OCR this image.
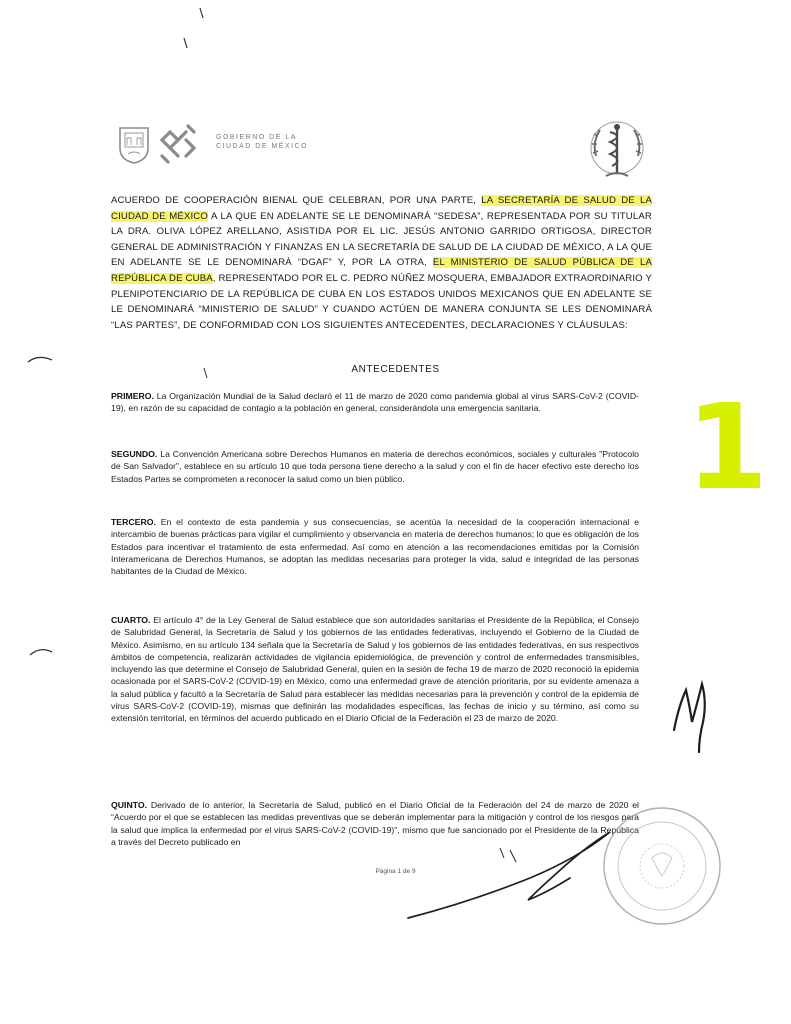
GOBIERNO DE LA
CIUDAD DE MÉXICO
ACUERDO DE COOPERACIÓN BIENAL QUE CELEBRAN, POR UNA PARTE, LA SECRETARÍA DE SALUD DE LA CIUDAD DE MÉXICO A LA QUE EN ADELANTE SE LE DENOMINARÁ “SEDESA”, REPRESENTADA POR SU TITULAR LA DRA. OLIVA LÓPEZ ARELLANO, ASISTIDA POR EL LIC. JESÚS ANTONIO GARRIDO ORTIGOSA, DIRECTOR GENERAL DE ADMINISTRACIÓN Y FINANZAS EN LA SECRETARÍA DE SALUD DE LA CIUDAD DE MÉXICO, A LA QUE EN ADELANTE SE LE DENOMINARÁ “DGAF” Y, POR LA OTRA, EL MINISTERIO DE SALUD PÚBLICA DE LA REPÚBLICA DE CUBA, REPRESENTADO POR EL C. PEDRO NÚÑEZ MOSQUERA, EMBAJADOR EXTRAORDINARIO Y PLENIPOTENCIARIO DE LA REPÚBLICA DE CUBA EN LOS ESTADOS UNIDOS MEXICANOS QUE EN ADELANTE SE LE DENOMINARÁ “MINISTERIO DE SALUD” Y CUANDO ACTÚEN DE MANERA CONJUNTA SE LES DENOMINARÁ “LAS PARTES”, DE CONFORMIDAD CON LOS SIGUIENTES ANTECEDENTES, DECLARACIONES Y CLÁUSULAS:
ANTECEDENTES
PRIMERO. La Organización Mundial de la Salud declaró el 11 de marzo de 2020 como pandemia global al virus SARS-CoV-2 (COVID-19), en razón de su capacidad de contagio a la población en general, considerándola una emergencia sanitaria.
SEGUNDO. La Convención Americana sobre Derechos Humanos en materia de derechos económicos, sociales y culturales "Protocolo de San Salvador", establece en su artículo 10 que toda persona tiene derecho a la salud y con el fin de hacer efectivo este derecho los Estados Partes se comprometen a reconocer la salud como un bien público.
TERCERO. En el contexto de esta pandemia y sus consecuencias, se acentúa la necesidad de la cooperación internacional e intercambio de buenas prácticas para vigilar el cumplimiento y observancia en materia de derechos humanos; lo que es obligación de los Estados para incentivar el tratamiento de esta enfermedad. Así como en atención a las recomendaciones emitidas por la Comisión Interamericana de Derechos Humanos, se adoptan las medidas necesarias para proteger la vida, salud e integridad de las personas habitantes de la Ciudad de México.
CUARTO. El artículo 4° de la Ley General de Salud establece que son autoridades sanitarias el Presidente de la República, el Consejo de Salubridad General, la Secretaría de Salud y los gobiernos de las entidades federativas, incluyendo el Gobierno de la Ciudad de México. Asimismo, en su artículo 134 señala que la Secretaría de Salud y los gobiernos de las entidades federativas, en sus respectivos ámbitos de competencia, realizarán actividades de vigilancia epidemiológica, de prevención y control de enfermedades transmisibles, incluyendo las que determine el Consejo de Salubridad General, quien en la sesión de fecha 19 de marzo de 2020 reconoció la epidemia ocasionada por el SARS-CoV-2 (COVID-19) en México, como una enfermedad grave de atención prioritaria, por su evidente amenaza a la salud pública y facultó a la Secretaría de Salud para establecer las medidas necesarias para la prevención y control de la epidemia de virus SARS-CoV-2 (COVID-19), mismas que definirán las modalidades específicas, las fechas de inicio y su término, así como su extensión territorial, en términos del acuerdo publicado en el Diario Oficial de la Federación el 23 de marzo de 2020.
QUINTO. Derivado de lo anterior, la Secretaría de Salud, publicó en el Diario Oficial de la Federación del 24 de marzo de 2020 el “Acuerdo por el que se establecen las medidas preventivas que se deberán implementar para la mitigación y control de los riesgos para la salud que implica la enfermedad por el virus SARS-CoV-2 (COVID-19)”, mismo que fue sancionado por el Presidente de la República a través del Decreto publicado en
Página 1 de 9
1
